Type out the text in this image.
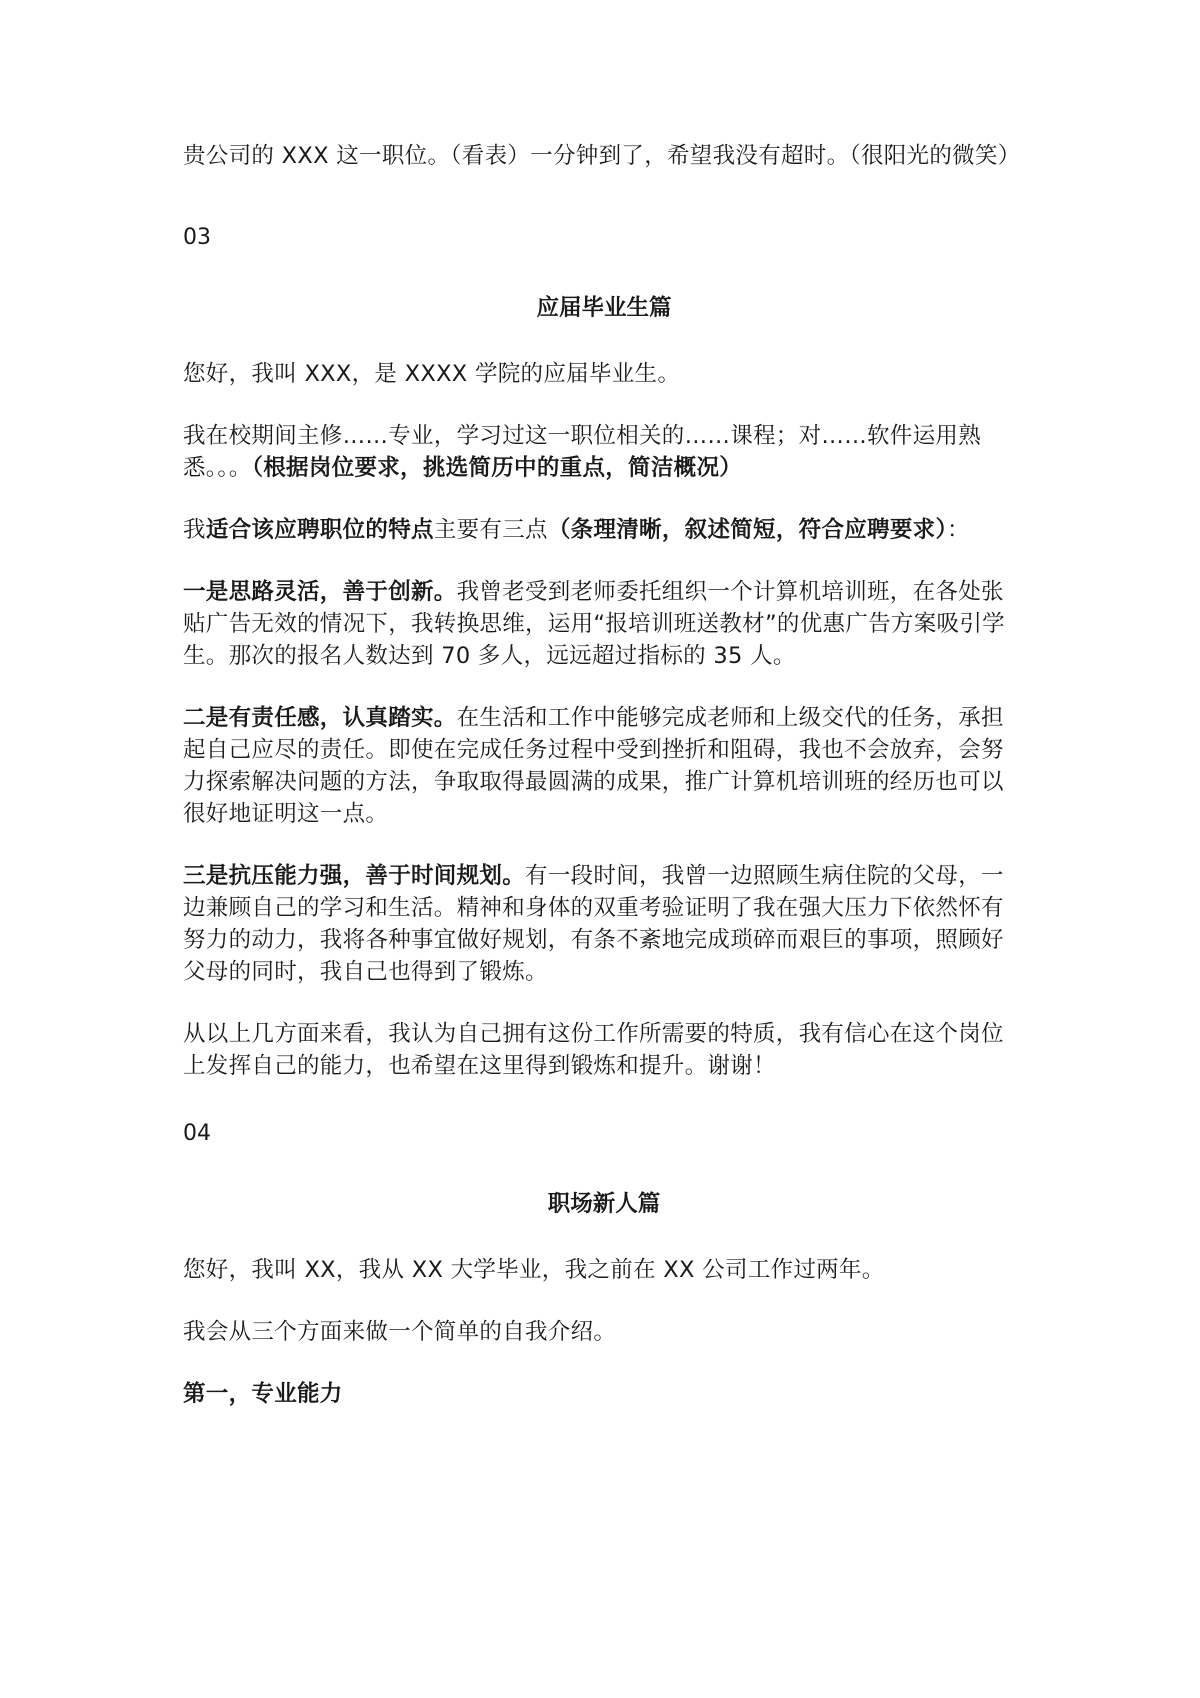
贵公司的 XXX 这一职位。（看表）一分钟到了，希望我没有超时。（很阳光的微笑）

03
应届毕业生篇

您好，我叫 XXX，是 XXXX 学院的应届毕业生。

我在校期间主修……专业，学习过这一职位相关的……课程；对……软件运用熟悉。。。（根据岗位要求，挑选简历中的重点，简洁概况）

我适合该应聘职位的特点主要有三点（条理清晰，叙述简短，符合应聘要求）：

一是思路灵活，善于创新。我曾老受到老师委托组织一个计算机培训班，在各处张贴广告无效的情况下，我转换思维，运用“报培训班送教材”的优惠广告方案吸引学生。那次的报名人数达到 70 多人，远远超过指标的 35 人。

二是有责任感，认真踏实。在生活和工作中能够完成老师和上级交代的任务，承担起自己应尽的责任。即使在完成任务过程中受到挫折和阻碍，我也不会放弃，会努力探索解决问题的方法，争取取得最圆满的成果，推广计算机培训班的经历也可以很好地证明这一点。

三是抗压能力强，善于时间规划。有一段时间，我曾一边照顾生病住院的父母，一边兼顾自己的学习和生活。精神和身体的双重考验证明了我在强大压力下依然怀有努力的动力，我将各种事宜做好规划，有条不紊地完成琐碎而艰巨的事项，照顾好父母的同时，我自己也得到了锻炼。

从以上几方面来看，我认为自己拥有这份工作所需要的特质，我有信心在这个岗位上发挥自己的能力，也希望在这里得到锻炼和提升。谢谢！

04
职场新人篇

您好，我叫 XX，我从 XX 大学毕业，我之前在 XX 公司工作过两年。

我会从三个方面来做一个简单的自我介绍。

第一，专业能力
